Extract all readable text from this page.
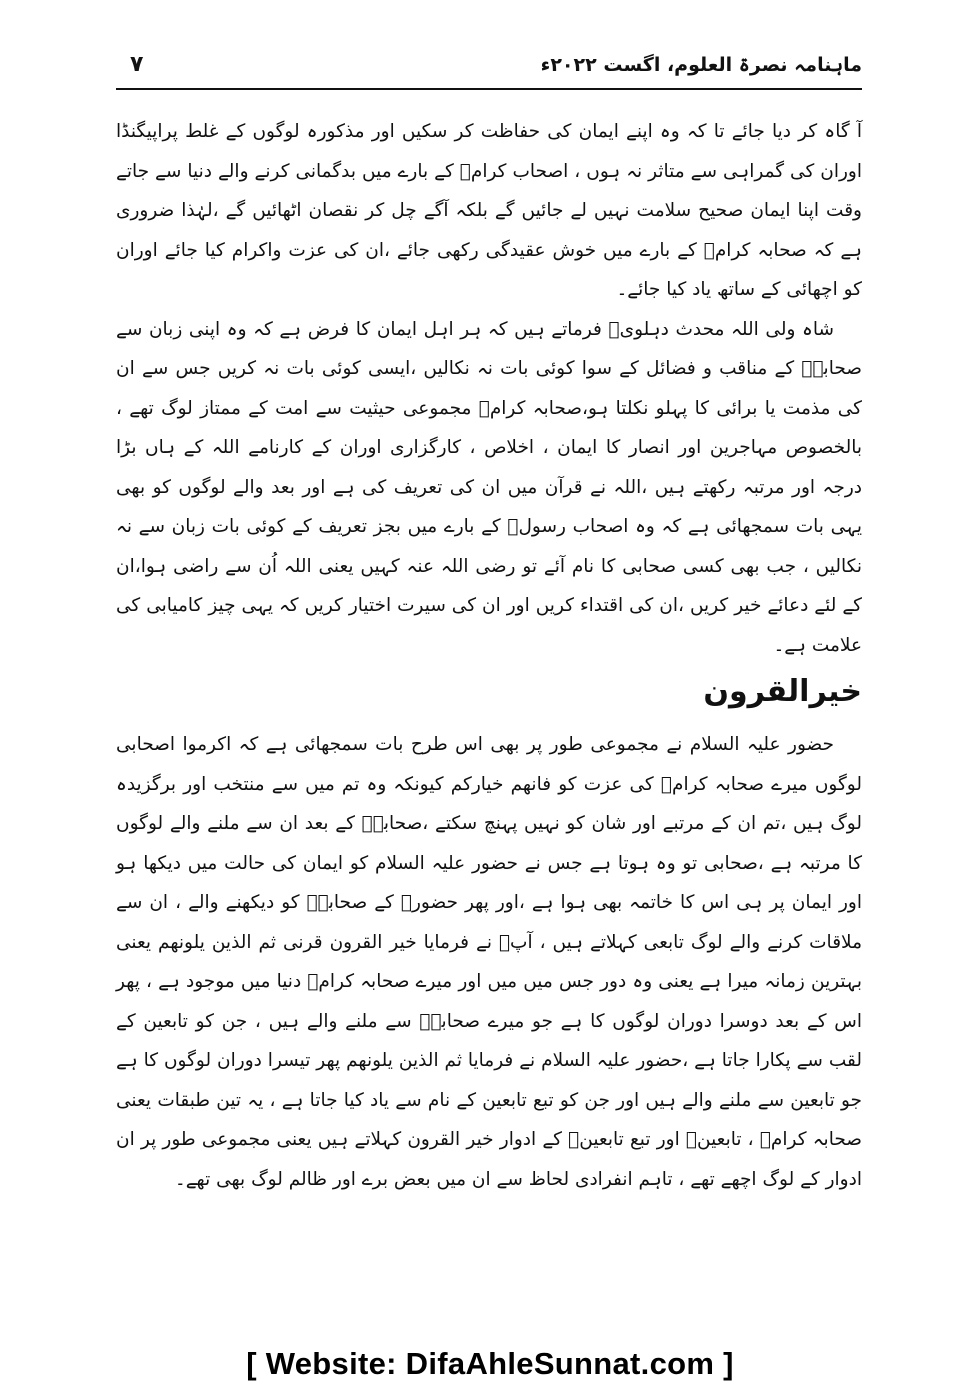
ماہنامہ نصرۃ العلوم، اگست ۲۰۲۲ء
۷

آ گاہ کر دیا جائے تا کہ وہ اپنے ایمان کی حفاظت کر سکیں اور مذکورہ لوگوں کے غلط پراپیگنڈا اوران کی گمراہی سے متاثر نہ ہوں ، اصحاب کرامؓ کے بارے میں بدگمانی کرنے والے دنیا سے جاتے وقت اپنا ایمان صحیح سلامت نہیں لے جائیں گے بلکہ آگے چل کر نقصان اٹھائیں گے ،لہٰذا ضروری ہے کہ صحابہ کرامؓ کے بارے میں خوش عقیدگی رکھی جائے ،ان کی عزت واکرام کیا جائے اوران کو اچھائی کے ساتھ یاد کیا جائے۔

شاہ ولی اللہ محدث دہلویؒ فرماتے ہیں کہ ہر اہل ایمان کا فرض ہے کہ وہ اپنی زبان سے صحابہؓ کے مناقب و فضائل کے سوا کوئی بات نہ نکالیں ،ایسی کوئی بات نہ کریں جس سے ان کی مذمت یا برائی کا پہلو نکلتا ہو،صحابہ کرامؓ مجموعی حیثیت سے امت کے ممتاز لوگ تھے ، بالخصوص مہاجرین اور انصار کا ایمان ، اخلاص ، کارگزاری اوران کے کارنامے اللہ کے ہاں بڑا درجہ اور مرتبہ رکھتے ہیں ،اللہ نے قرآن میں ان کی تعریف کی ہے اور بعد والے لوگوں کو بھی یہی بات سمجھائی ہے کہ وہ اصحاب رسولؐ کے بارے میں بجز تعریف کے کوئی بات زبان سے نہ نکالیں ، جب بھی کسی صحابی کا نام آئے تو رضی اللہ عنہ کہیں یعنی اللہ اُن سے راضی ہوا،ان کے لئے دعائے خیر کریں ،ان کی اقتداء کریں اور ان کی سیرت اختیار کریں کہ یہی چیز کامیابی کی علامت ہے۔

خیرالقرون

حضور علیہ السلام نے مجموعی طور پر بھی اس طرح بات سمجھائی ہے کہ اکرموا اصحابی لوگوں میرے صحابہ کرامؓ کی عزت کو فانھم خیارکم کیونکہ وہ تم میں سے منتخب اور برگزیدہ لوگ ہیں ،تم ان کے مرتبے اور شان کو نہیں پہنچ سکتے ،صحابہؓ کے بعد ان سے ملنے والے لوگوں کا مرتبہ ہے ،صحابی تو وہ ہوتا ہے جس نے حضور علیہ السلام کو ایمان کی حالت میں دیکھا ہو اور ایمان پر ہی اس کا خاتمہ بھی ہوا ہے ،اور پھر حضورؐ کے صحابہؓ کو دیکھنے والے ، ان سے ملاقات کرنے والے لوگ تابعی کہلاتے ہیں ، آپؐ نے فرمایا خیر القرون قرنی ثم الذین یلونھم یعنی بہترین زمانہ میرا ہے یعنی وہ دور جس میں میں اور میرے صحابہ کرامؓ دنیا میں موجود ہے ، پھر اس کے بعد دوسرا دوران لوگوں کا ہے جو میرے صحابہؓ سے ملنے والے ہیں ، جن کو تابعین کے لقب سے پکارا جاتا ہے ،حضور علیہ السلام نے فرمایا ثم الذین یلونھم پھر تیسرا دوران لوگوں کا ہے جو تابعین سے ملنے والے ہیں اور جن کو تبع تابعین کے نام سے یاد کیا جاتا ہے ، یہ تین طبقات یعنی صحابہ کرامؓ ، تابعینؒ اور تبع تابعینؒ کے ادوار خیر القرون کہلاتے ہیں یعنی مجموعی طور پر ان ادوار کے لوگ اچھے تھے ، تاہم انفرادی لحاظ سے ان میں بعض برے اور ظالم لوگ بھی تھے۔

[ Website: DifaAhleSunnat.com ]
